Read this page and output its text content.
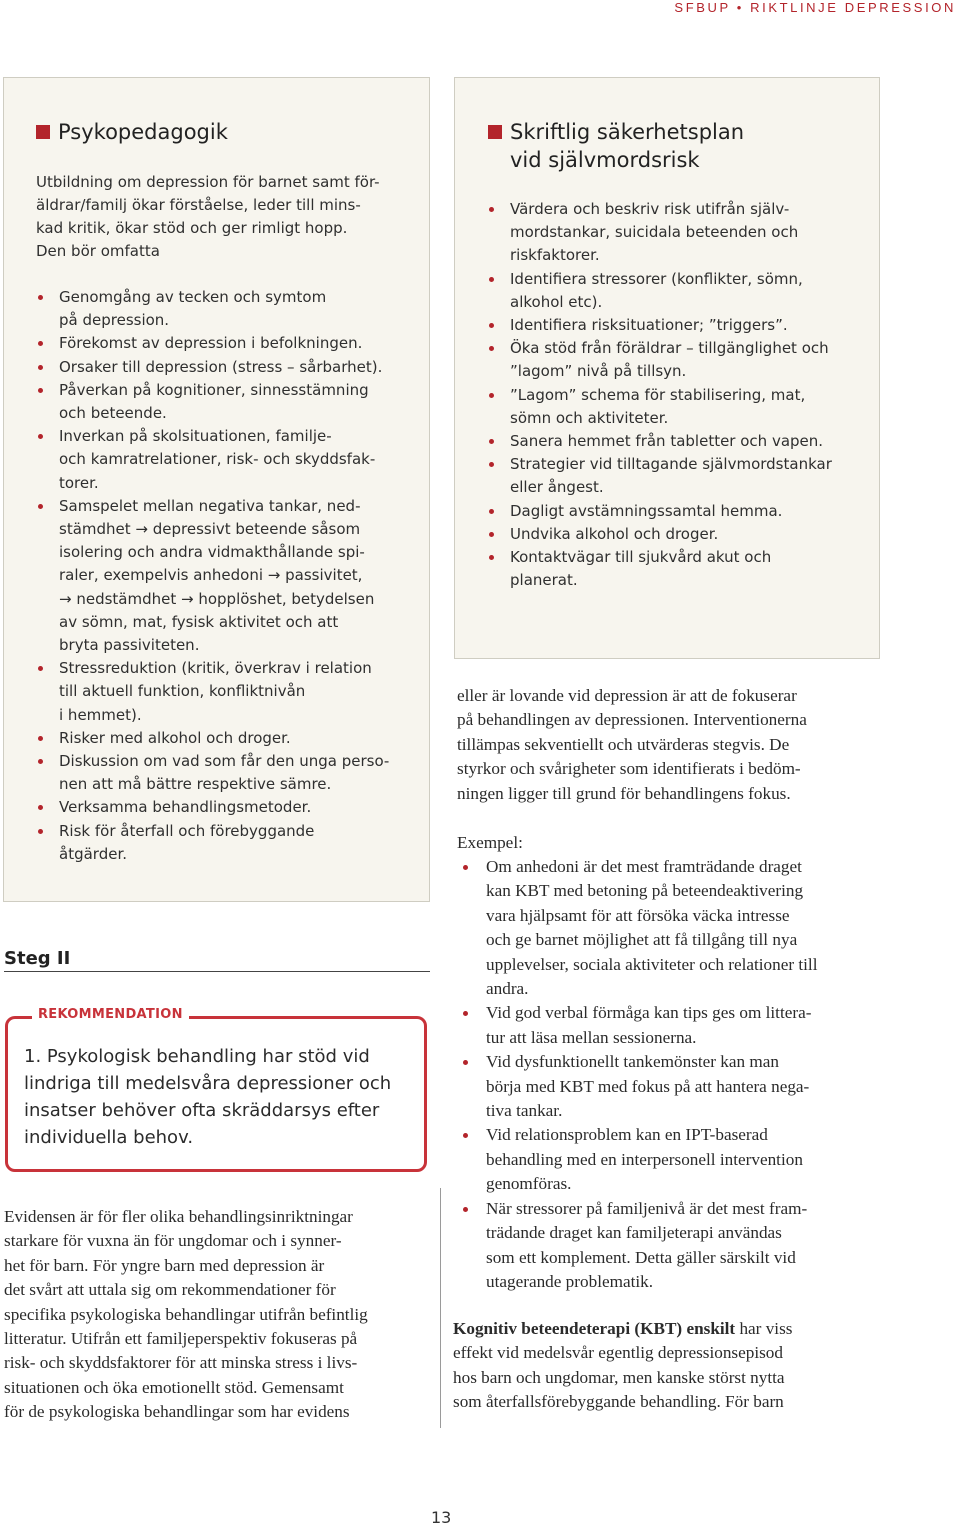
SFBUP • RIKTLINJE DEPRESSION
Psykopedagogik
Utbildning om depression för barnet samt för-
äldrar/familj ökar förståelse, leder till mins-
kad kritik, ökar stöd och ger rimligt hopp.
Den bör omfatta
Genomgång av tecken och symtom
på depression.
Förekomst av depression i befolkningen.
Orsaker till depression (stress – sårbarhet).
Påverkan på kognitioner, sinnesstämning
och beteende.
Inverkan på skolsituationen, familje-
och kamratrelationer, risk- och skyddsfak-
torer.
Samspelet mellan negativa tankar, ned-
stämdhet → depressivt beteende såsom
isolering och andra vidmakthållande spi-
raler, exempelvis anhedoni → passivitet,
→ nedstämdhet → hopplöshet, betydelsen
av sömn, mat, fysisk aktivitet och att
bryta passiviteten.
Stressreduktion (kritik, överkrav i relation
till aktuell funktion, konfliktnivån
i hemmet).
Risker med alkohol och droger.
Diskussion om vad som får den unga perso-
nen att må bättre respektive sämre.
Verksamma behandlingsmetoder.
Risk för återfall och förebyggande
åtgärder.
Skriftlig säkerhetsplan
vid självmordsrisk
Värdera och beskriv risk utifrån själv-
mordstankar, suicidala beteenden och
riskfaktorer.
Identifiera stressorer (konflikter, sömn,
alkohol etc).
Identifiera risksituationer; ”triggers”.
Öka stöd från föräldrar – tillgänglighet och
”lagom” nivå på tillsyn.
”Lagom” schema för stabilisering, mat,
sömn och aktiviteter.
Sanera hemmet från tabletter och vapen.
Strategier vid tilltagande självmordstankar
eller ångest.
Dagligt avstämningssamtal hemma.
Undvika alkohol och droger.
Kontaktvägar till sjukvård akut och
planerat.
Steg II
REKOMMENDATION
1. Psykologisk behandling har stöd vid
lindriga till medelsvåra depressioner och
insatser behöver ofta skräddarsys efter
individuella behov.
Evidensen är för fler olika behandlingsinriktningar
starkare för vuxna än för ungdomar och i synner-
het för barn. För yngre barn med depression är
det svårt att uttala sig om rekommendationer för
specifika psykologiska behandlingar utifrån befintlig
litteratur. Utifrån ett familjeperspektiv fokuseras på
risk- och skyddsfaktorer för att minska stress i livs-
situationen och öka emotionellt stöd. Gemensamt
för de psykologiska behandlingar som har evidens
eller är lovande vid depression är att de fokuserar
på behandlingen av depressionen. Interventionerna
tillämpas sekventiellt och utvärderas stegvis. De
styrkor och svårigheter som identifierats i bedöm-
ningen ligger till grund för behandlingens fokus.
Exempel:
Om anhedoni är det mest framträdande draget
kan KBT med betoning på beteendeaktivering
vara hjälpsamt för att försöka väcka intresse
och ge barnet möjlighet att få tillgång till nya
upplevelser, sociala aktiviteter och relationer till
andra.
Vid god verbal förmåga kan tips ges om littera-
tur att läsa mellan sessionerna.
Vid dysfunktionellt tankemönster kan man
börja med KBT med fokus på att hantera nega-
tiva tankar.
Vid relationsproblem kan en IPT-baserad
behandling med en interpersonell intervention
genomföras.
När stressorer på familjenivå är det mest fram-
trädande draget kan familjeterapi användas
som ett komplement. Detta gäller särskilt vid
utagerande problematik.
Kognitiv beteendeterapi (KBT) enskilt har viss
effekt vid medelsvår egentlig depressionsepisod
hos barn och ungdomar, men kanske störst nytta
som återfallsförebyggande behandling. För barn
13
